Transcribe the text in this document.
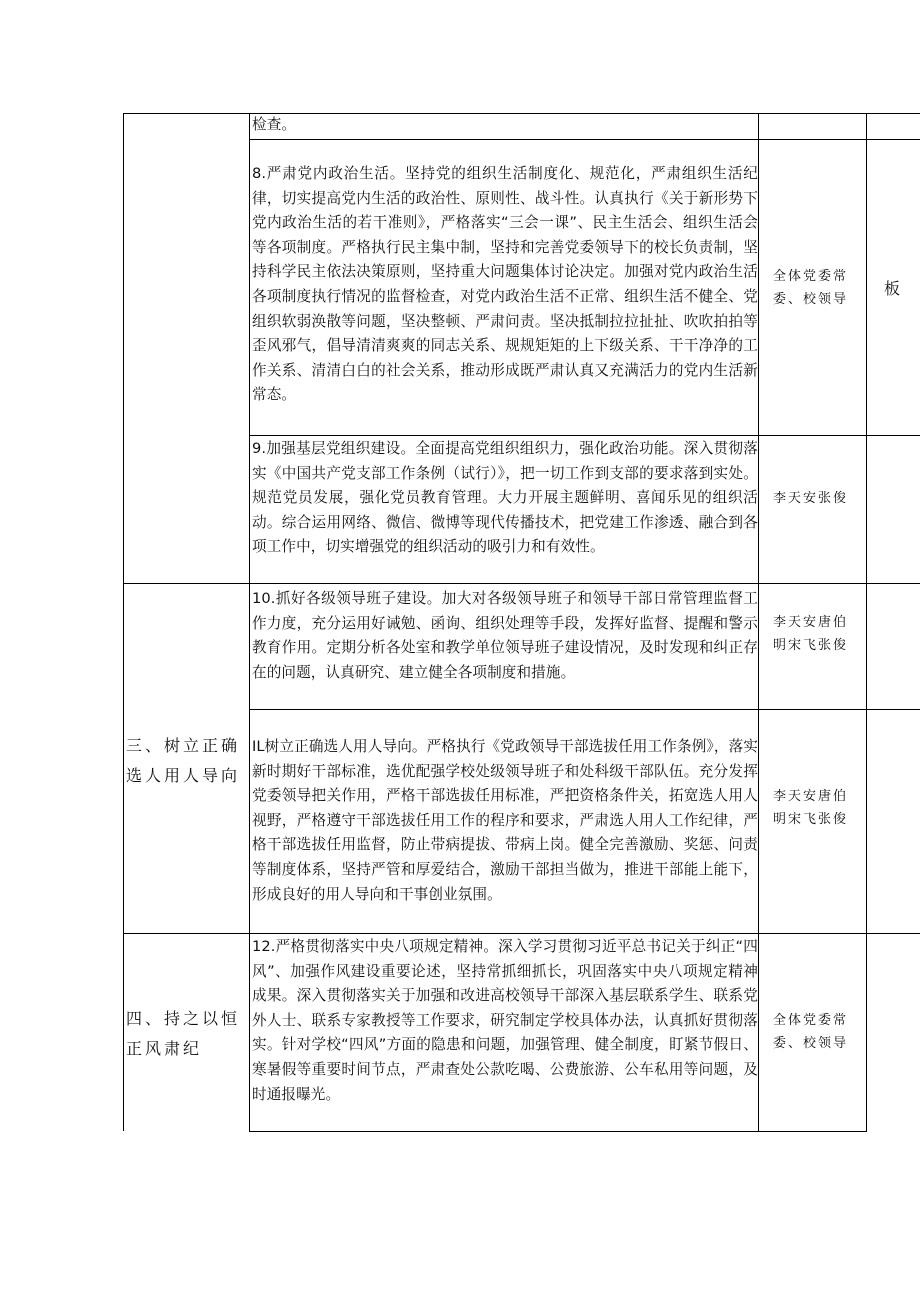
检查。
8.严肃党内政治生活。坚持党的组织生活制度化、规范化，严肃组织生活纪律，切实提高党内生活的政治性、原则性、战斗性。认真执行《关于新形势下党内政治生活的若干准则》，严格落实“三会一课”、民主生活会、组织生活会等各项制度。严格执行民主集中制，坚持和完善党委领导下的校长负责制，坚持科学民主依法决策原则，坚持重大问题集体讨论决定。加强对党内政治生活各项制度执行情况的监督检查，对党内政治生活不正常、组织生活不健全、党组织软弱涣散等问题，坚决整顿、严肃问责。坚决抵制拉拉扯扯、吹吹拍拍等歪风邪气，倡导清清爽爽的同志关系、规规矩矩的上下级关系、干干净净的工作关系、清清白白的社会关系，推动形成既严肃认真又充满活力的党内生活新常态。
全体党委常委、校领导
板
9.加强基层党组织建设。全面提高党组织组织力，强化政治功能。深入贯彻落实《中国共产党支部工作条例（试行）》，把一切工作到支部的要求落到实处。规范党员发展，强化党员教育管理。大力开展主题鲜明、喜闻乐见的组织活动。综合运用网络、微信、微博等现代传播技术，把党建工作渗透、融合到各项工作中，切实增强党的组织活动的吸引力和有效性。
李天安张俊
10.抓好各级领导班子建设。加大对各级领导班子和领导干部日常管理监督工作力度，充分运用好诫勉、函询、组织处理等手段，发挥好监督、提醒和警示教育作用。定期分析各处室和教学单位领导班子建设情况，及时发现和纠正存在的问题，认真研究、建立健全各项制度和措施。
李天安唐伯明宋飞张俊
IL树立正确选人用人导向。严格执行《党政领导干部选拔任用工作条例》，落实新时期好干部标准，选优配强学校处级领导班子和处科级干部队伍。充分发挥党委领导把关作用，严格干部选拔任用标准，严把资格条件关，拓宽选人用人视野，严格遵守干部选拔任用工作的程序和要求，严肃选人用人工作纪律，严格干部选拔任用监督，防止带病提拔、带病上岗。健全完善激励、奖惩、问责等制度体系，坚持严管和厚爱结合，激励干部担当做为，推进干部能上能下，形成良好的用人导向和干事创业氛围。
李天安唐伯明宋飞张俊
12.严格贯彻落实中央八项规定精神。深入学习贯彻习近平总书记关于纠正“四风”、加强作风建设重要论述，坚持常抓细抓长，巩固落实中央八项规定精神成果。深入贯彻落实关于加强和改进高校领导干部深入基层联系学生、联系党外人士、联系专家教授等工作要求，研究制定学校具体办法，认真抓好贯彻落实。针对学校“四风”方面的隐患和问题，加强管理、健全制度，盯紧节假日、寒暑假等重要时间节点，严肃查处公款吃喝、公费旅游、公车私用等问题，及时通报曝光。
全体党委常委、校领导
三、树立正确选人用人导向
四、持之以恒正风肃纪
